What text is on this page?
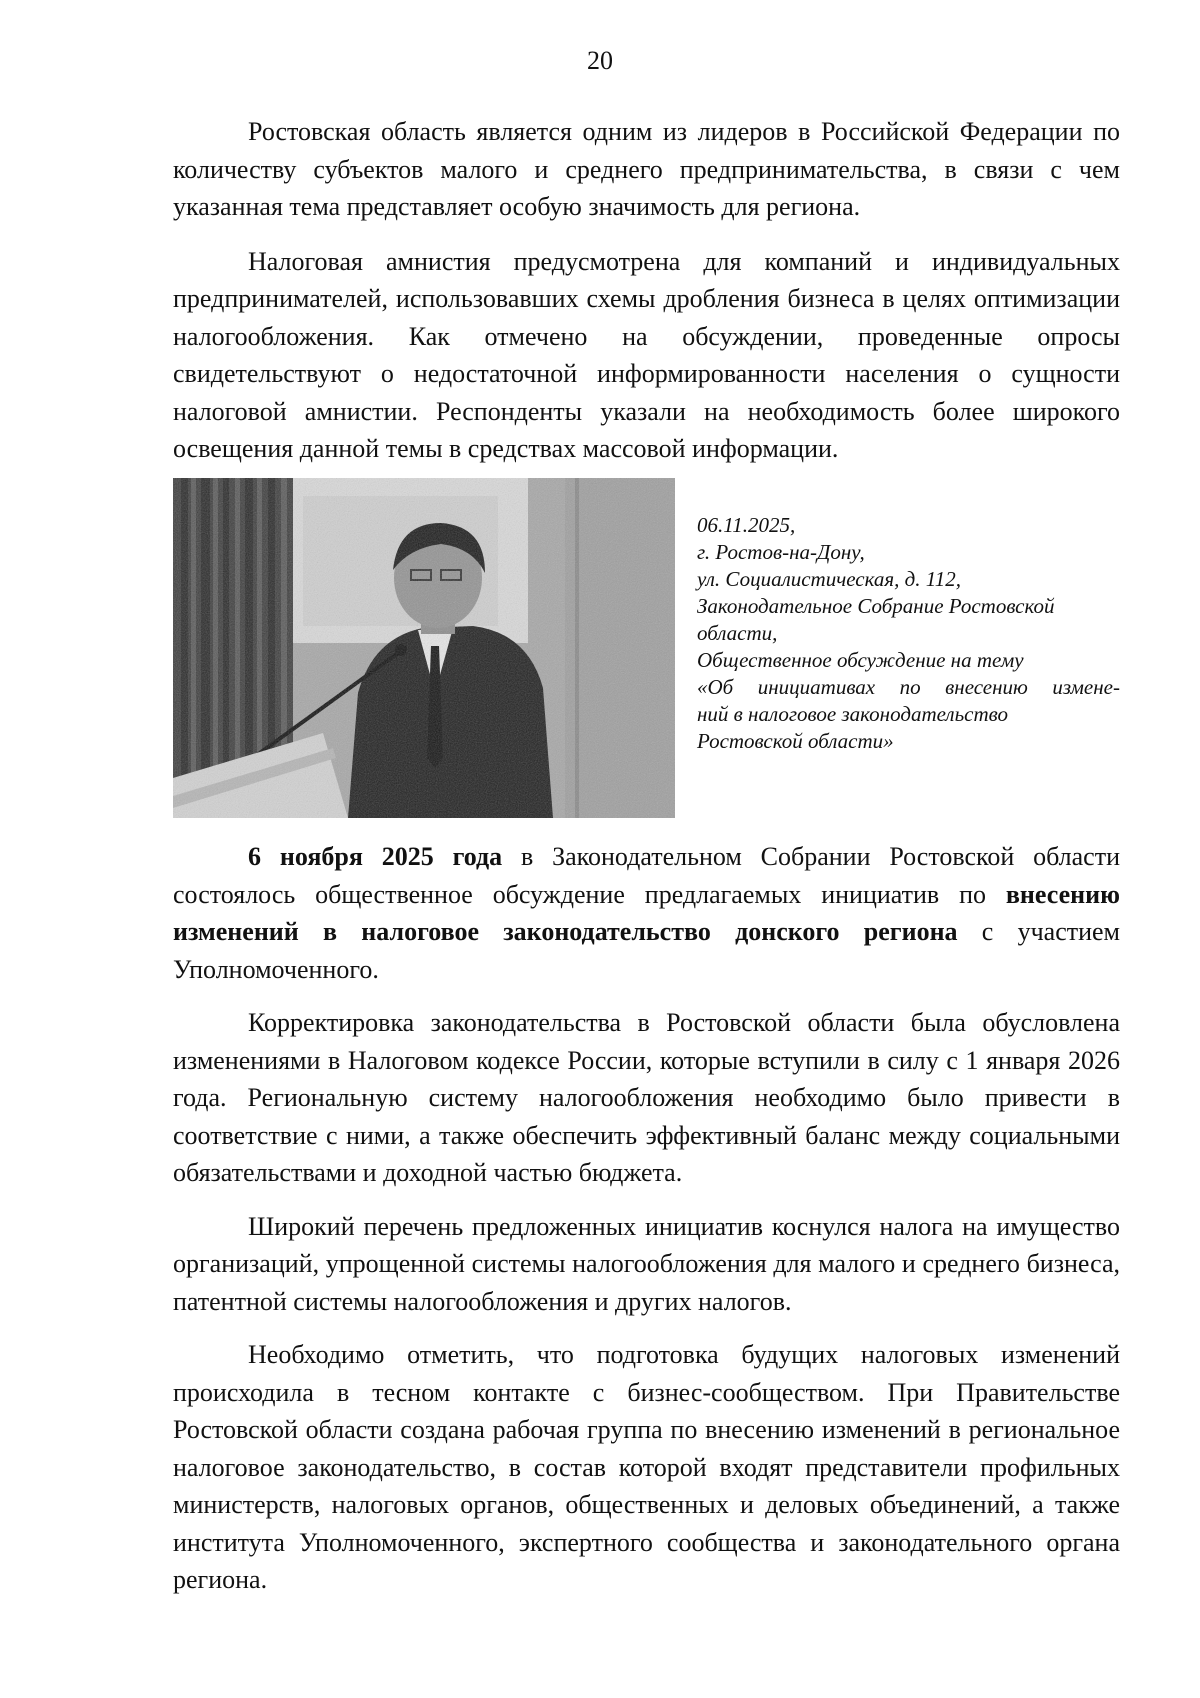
20

Ростовская область является одним из лидеров в Российской Федерации по количеству субъектов малого и среднего предпринимательства, в связи с чем указанная тема представляет особую значимость для региона.

Налоговая амнистия предусмотрена для компаний и индивидуальных предпринимателей, использовавших схемы дробления бизнеса в целях оптимизации налогообложения. Как отмечено на обсуждении, проведенные опросы свидетельствуют о недостаточной информированности населения о сущности налоговой амнистии. Респонденты указали на необходимость более широкого освещения данной темы в средствах массовой информации.

06.11.2025,
г. Ростов-на-Дону,
ул. Социалистическая, д. 112,
Законодательное Собрание Ростовской
области,
Общественное обсуждение на тему
«Об инициативах по внесению измене-
ний в налоговое законодательство
Ростовской области»

6 ноября 2025 года в Законодательном Собрании Ростовской области состоялось общественное обсуждение предлагаемых инициатив по внесению изменений в налоговое законодательство донского региона с участием Уполномоченного.

Корректировка законодательства в Ростовской области была обусловлена изменениями в Налоговом кодексе России, которые вступили в силу с 1 января 2026 года. Региональную систему налогообложения необходимо было привести в соответствие с ними, а также обеспечить эффективный баланс между социальными обязательствами и доходной частью бюджета.

Широкий перечень предложенных инициатив коснулся налога на имущество организаций, упрощенной системы налогообложения для малого и среднего бизнеса, патентной системы налогообложения и других налогов.

Необходимо отметить, что подготовка будущих налоговых изменений происходила в тесном контакте с бизнес-сообществом. При Правительстве Ростовской области создана рабочая группа по внесению изменений в региональное налоговое законодательство, в состав которой входят представители профильных министерств, налоговых органов, общественных и деловых объединений, а также института Уполномоченного, экспертного сообщества и законодательного органа региона.
